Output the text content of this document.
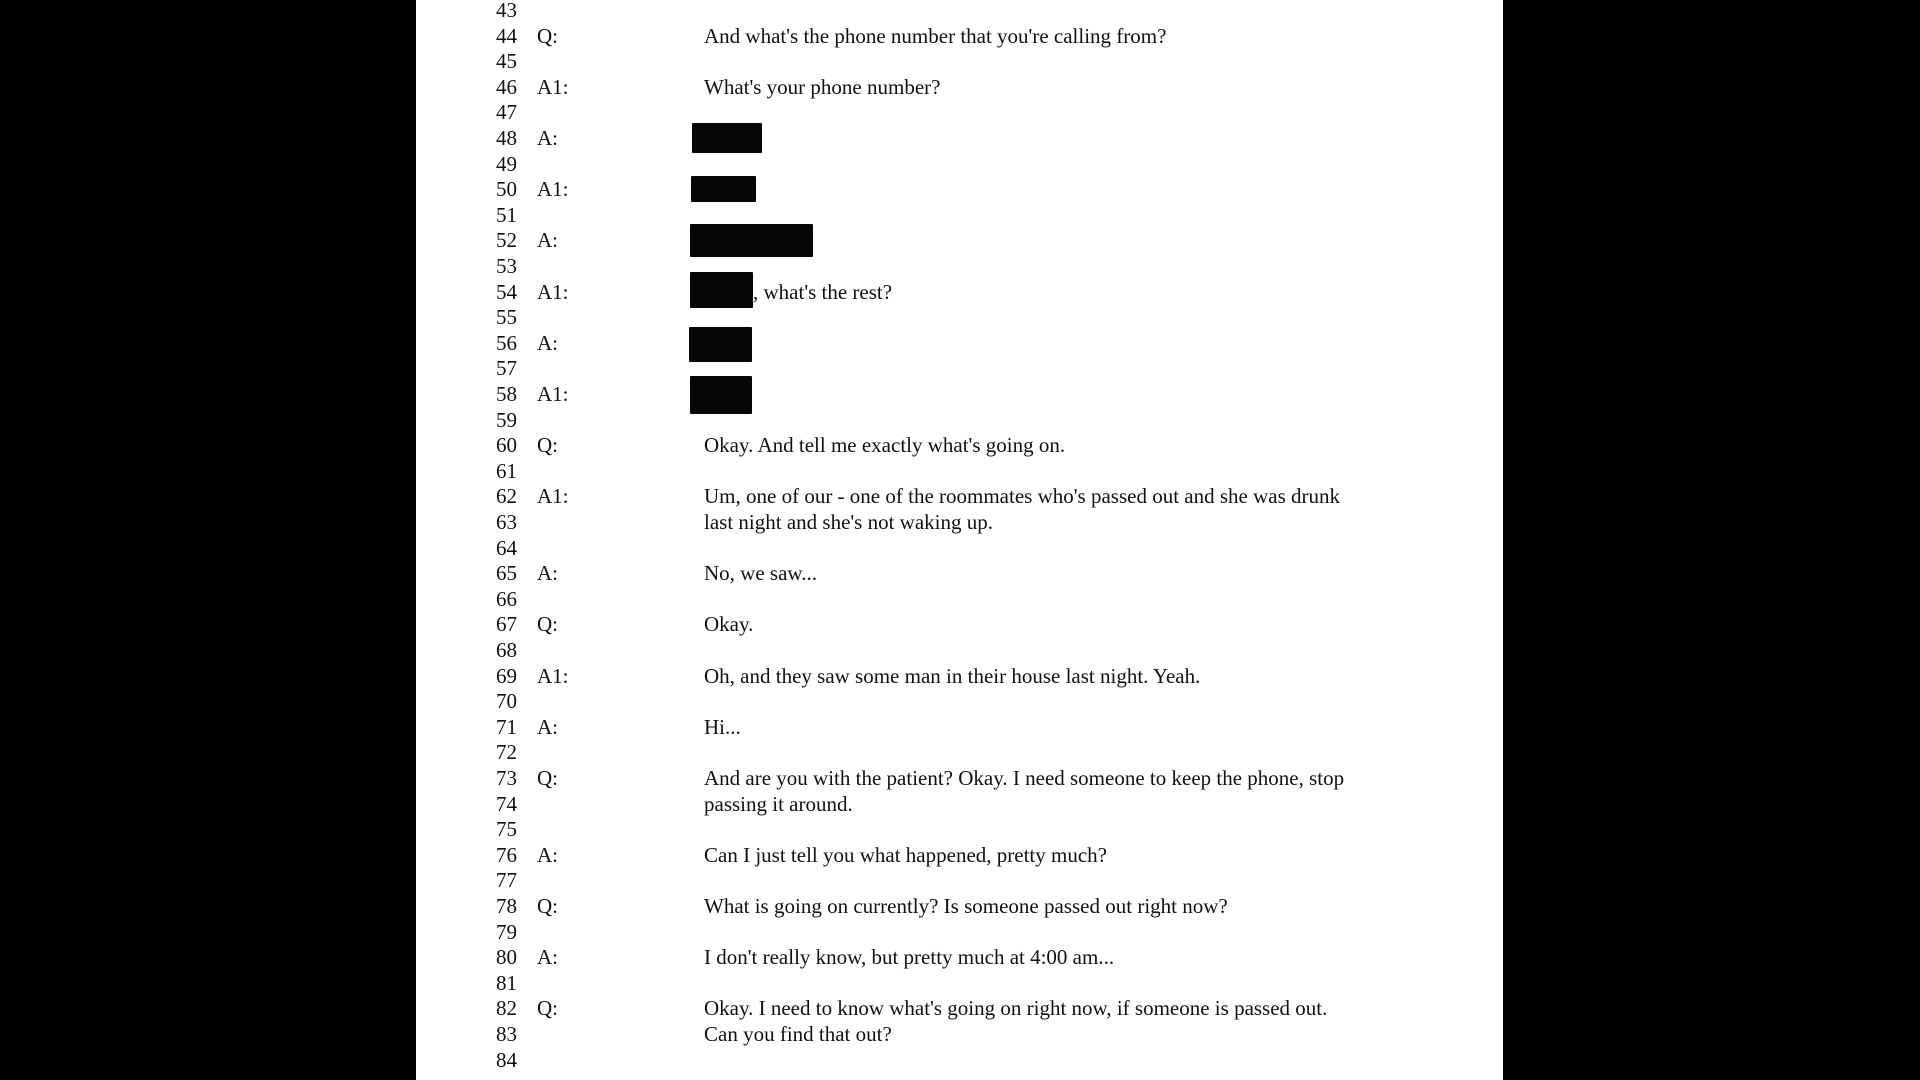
43
44 Q:	And what's the phone number that you're calling from?
45
46 A1:	What's your phone number?
47
48 A:
49
50 A1:
51
52 A:
53
54 A1:	, what's the rest?
55
56 A:
57
58 A1:
59
60 Q:	Okay. And tell me exactly what's going on.
61
62 A1:	Um, one of our - one of the roommates who's passed out and she was drunk
63	last night and she's not waking up.
64
65 A:	No, we saw...
66
67 Q:	Okay.
68
69 A1:	Oh, and they saw some man in their house last night. Yeah.
70
71 A:	Hi...
72
73 Q:	And are you with the patient? Okay. I need someone to keep the phone, stop
74	passing it around.
75
76 A:	Can I just tell you what happened, pretty much?
77
78 Q:	What is going on currently? Is someone passed out right now?
79
80 A:	I don't really know, but pretty much at 4:00 am...
81
82 Q:	Okay. I need to know what's going on right now, if someone is passed out.
83	Can you find that out?
84
